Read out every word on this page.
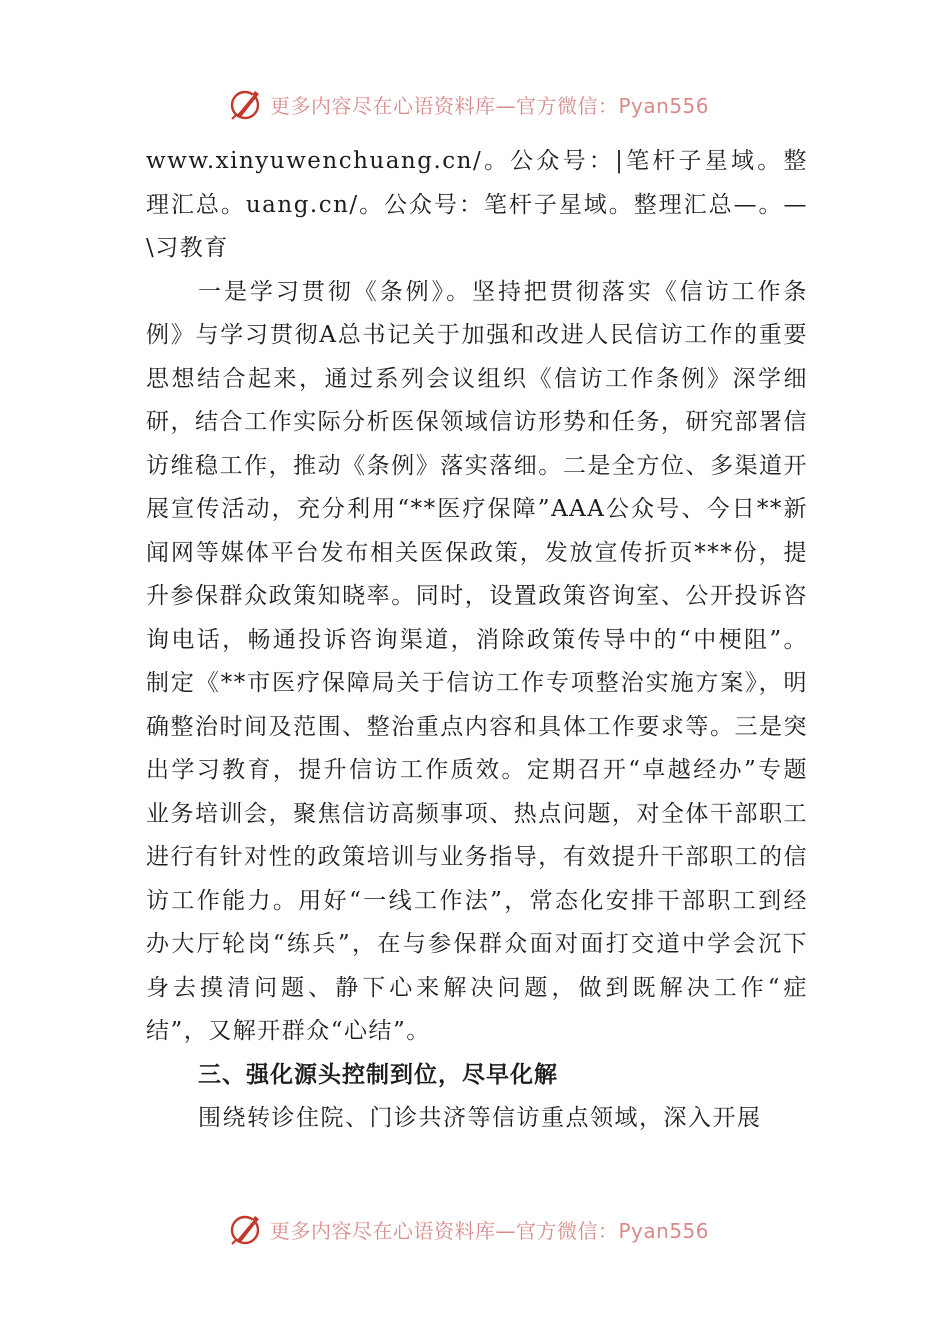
更多内容尽在心语资料库—官方微信：Pyan556

www.xinyuwenchuang.cn/。公众号：|笔杆子星域。整理汇总。uang.cn/。公众号：笔杆子星域。整理汇总—。—\习教育

一是学习贯彻《条例》。坚持把贯彻落实《信访工作条例》与学习贯彻A总书记关于加强和改进人民信访工作的重要思想结合起来，通过系列会议组织《信访工作条例》深学细研，结合工作实际分析医保领域信访形势和任务，研究部署信访维稳工作，推动《条例》落实落细。二是全方位、多渠道开展宣传活动，充分利用“**医疗保障”AAA公众号、今日**新闻网等媒体平台发布相关医保政策，发放宣传折页***份，提升参保群众政策知晓率。同时，设置政策咨询室、公开投诉咨询电话，畅通投诉咨询渠道，消除政策传导中的“中梗阻”。制定《**市医疗保障局关于信访工作专项整治实施方案》，明确整治时间及范围、整治重点内容和具体工作要求等。三是突出学习教育，提升信访工作质效。定期召开“卓越经办”专题业务培训会，聚焦信访高频事项、热点问题，对全体干部职工进行有针对性的政策培训与业务指导，有效提升干部职工的信访工作能力。用好“一线工作法”，常态化安排干部职工到经办大厅轮岗“练兵”，在与参保群众面对面打交道中学会沉下身去摸清问题、静下心来解决问题，做到既解决工作“症结”，又解开群众“心结”。

三、强化源头控制到位，尽早化解

围绕转诊住院、门诊共济等信访重点领域，深入开展

更多内容尽在心语资料库—官方微信：Pyan556
